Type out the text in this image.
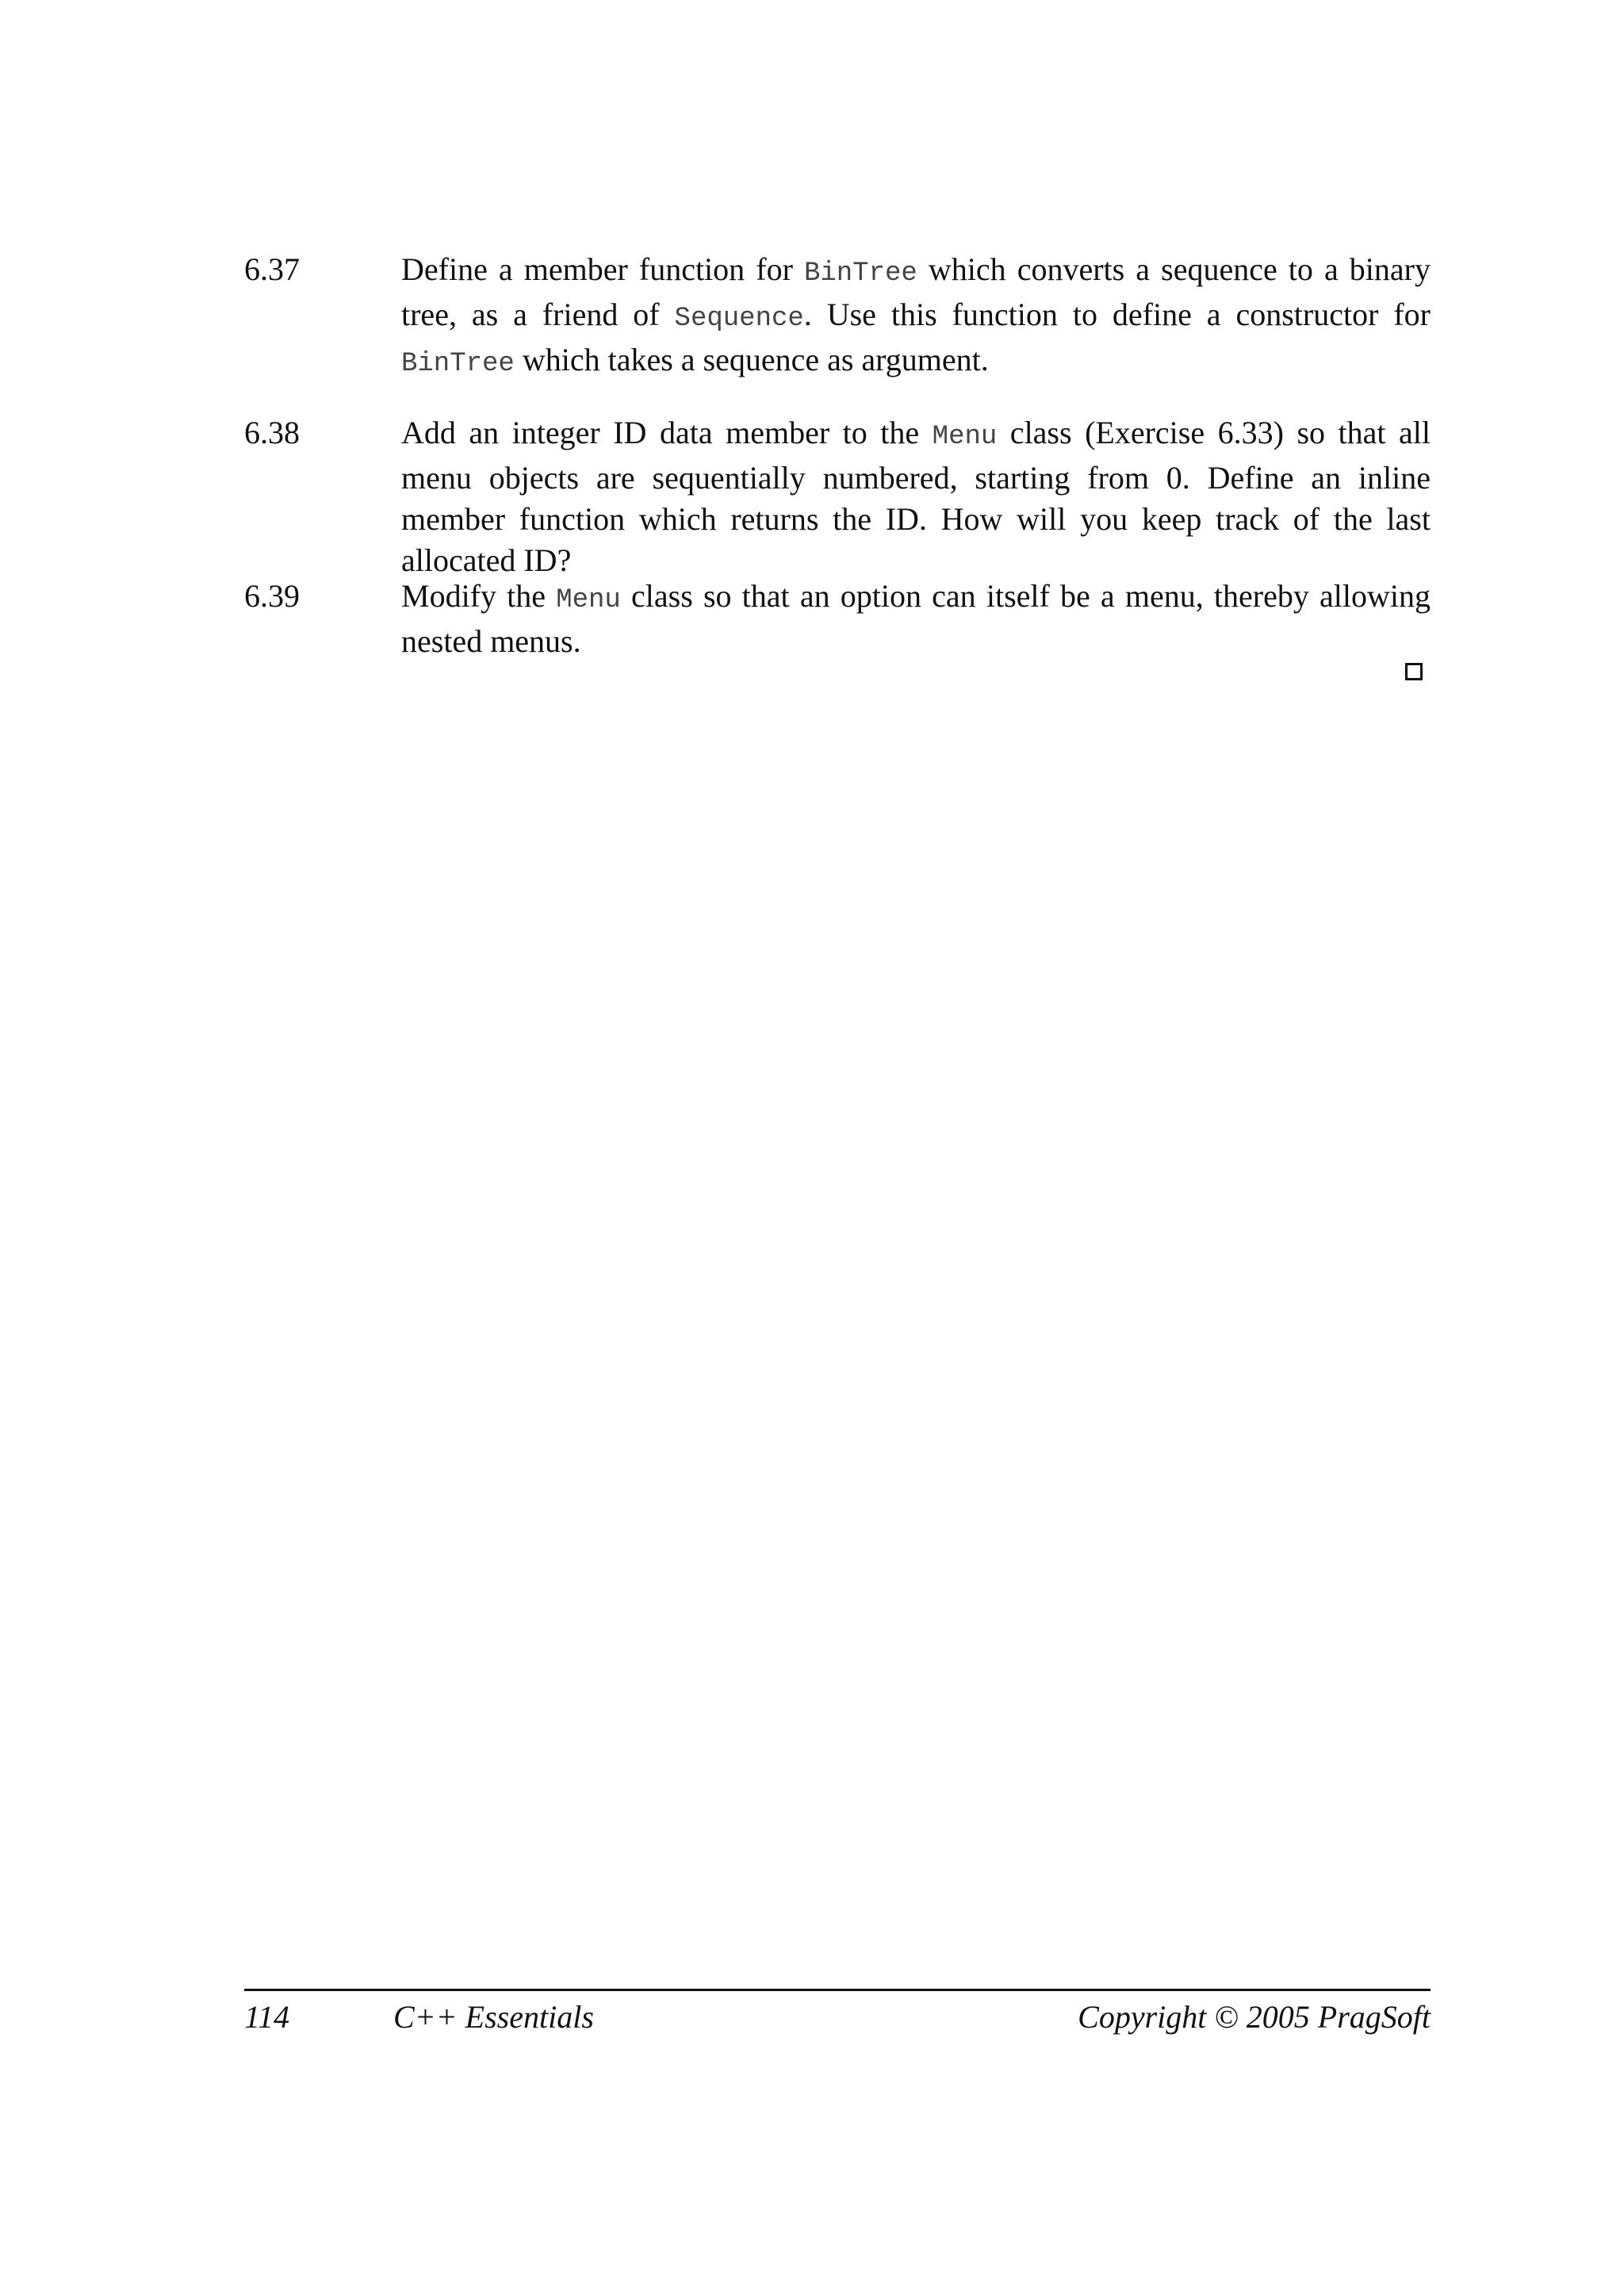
6.37	Define a member function for BinTree which converts a sequence to a binary tree, as a friend of Sequence. Use this function to define a constructor for BinTree which takes a sequence as argument.
6.38	Add an integer ID data member to the Menu class (Exercise 6.33) so that all menu objects are sequentially numbered, starting from 0. Define an inline member function which returns the ID. How will you keep track of the last allocated ID?
6.39	Modify the Menu class so that an option can itself be a menu, thereby allowing nested menus.
114	C++ Essentials	Copyright © 2005 PragSoft
